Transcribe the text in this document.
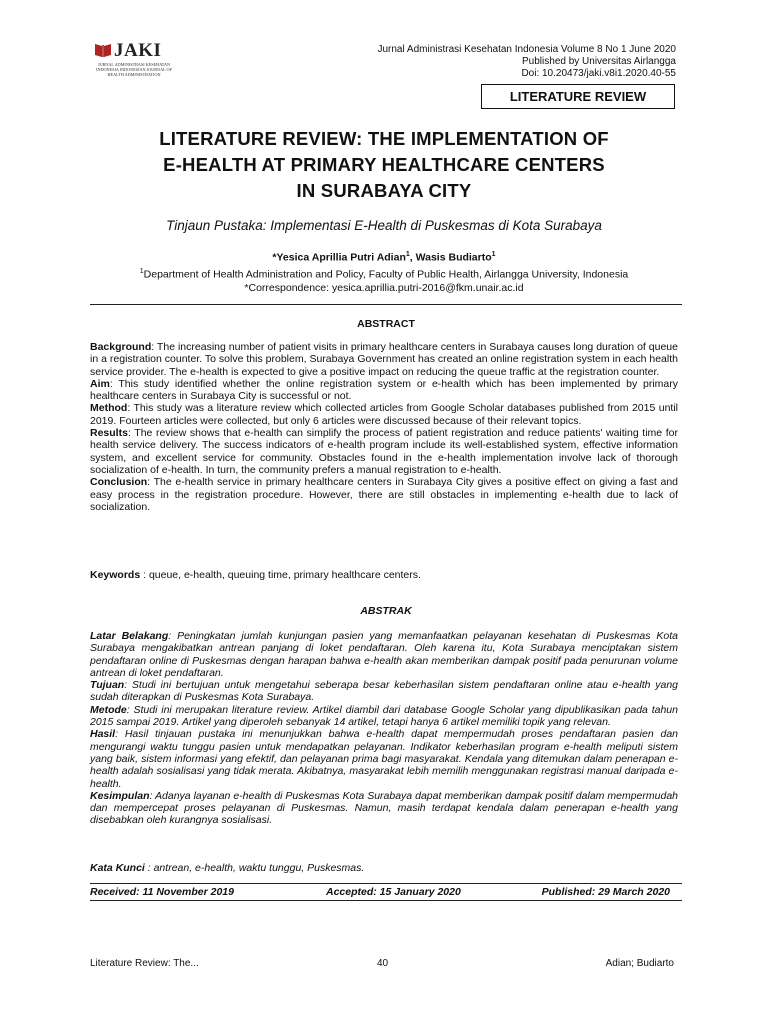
JAKI
JURNAL ADMINISTRASI KESEHATAN INDONESIA INDONESIAN JOURNAL OF HEALTH ADMINISTRATION
Jurnal Administrasi Kesehatan Indonesia Volume 8 No 1 June 2020
Published by Universitas Airlangga
Doi: 10.20473/jaki.v8i1.2020.40-55
LITERATURE REVIEW
LITERATURE REVIEW: THE IMPLEMENTATION OF
E-HEALTH AT PRIMARY HEALTHCARE CENTERS
IN SURABAYA CITY
Tinjaun Pustaka: Implementasi E-Health di Puskesmas di Kota Surabaya
*Yesica Aprillia Putri Adian$^1$, Wasis Budiarto$^1$
$^1$Department of Health Administration and Policy, Faculty of Public Health, Airlangga University, Indonesia
*Correspondence: yesica.aprillia.putri-2016@fkm.unair.ac.id
ABSTRACT

Background: The increasing number of patient visits in primary healthcare centers in Surabaya causes long duration of queue in a registration counter. To solve this problem, Surabaya Government has created an online registration system in each health service provider. The e-health is expected to give a positive impact on reducing the queue traffic at the registration counter.

Aim: This study identified whether the online registration system or e-health which has been implemented by primary healthcare centers in Surabaya City is successful or not.

Method: This study was a literature review which collected articles from Google Scholar databases published from 2015 until 2019. Fourteen articles were collected, but only 6 articles were discussed because of their relevant topics.

Results: The review shows that e-health can simplify the process of patient registration and reduce patients' waiting time for health service delivery. The success indicators of e-health program include its well-established system, effective information system, and excellent service for community. Obstacles found in the e-health implementation involve lack of thorough socialization of e-health. In turn, the community prefers a manual registration to e-health.

Conclusion: The e-health service in primary healthcare centers in Surabaya City gives a positive effect on giving a fast and easy process in the registration procedure. However, there are still obstacles in implementing e-health due to lack of socialization.

Keywords : queue, e-health, queuing time, primary healthcare centers.
ABSTRAK

Latar Belakang: Peningkatan jumlah kunjungan pasien yang memanfaatkan pelayanan kesehatan di Puskesmas Kota Surabaya mengakibatkan antrean panjang di loket pendaftaran. Oleh karena itu, Kota Surabaya menciptakan sistem pendaftaran online di Puskesmas dengan harapan bahwa e-health akan memberikan dampak positif pada penurunan volume antrean di loket pendaftaran.

Tujuan: Studi ini bertujuan untuk mengetahui seberapa besar keberhasilan sistem pendaftaran online atau e-health yang sudah diterapkan di Puskesmas Kota Surabaya.

Metode: Studi ini merupakan literature review. Artikel diambil dari database Google Scholar yang dipublikasikan pada tahun 2015 sampai 2019. Artikel yang diperoleh sebanyak 14 artikel, tetapi hanya 6 artikel memiliki topik yang relevan.

Hasil: Hasil tinjauan pustaka ini menunjukkan bahwa e-health dapat mempermudah proses pendaftaran pasien dan mengurangi waktu tunggu pasien untuk mendapatkan pelayanan. Indikator keberhasilan program e-health meliputi sistem yang baik, sistem informasi yang efektif, dan pelayanan prima bagi masyarakat. Kendala yang ditemukan dalam penerapan e-health adalah sosialisasi yang tidak merata. Akibatnya, masyarakat lebih memilih menggunakan registrasi manual daripada e-health.

Kesimpulan: Adanya layanan e-health di Puskesmas Kota Surabaya dapat memberikan dampak positif dalam mempermudah dan mempercepat proses pelayanan di Puskesmas. Namun, masih terdapat kendala dalam penerapan e-health yang disebabkan oleh kurangnya sosialisasi.

Kata Kunci : antrean, e-health, waktu tunggu, Puskesmas.
Received: 11 November 2019	Accepted: 15 January 2020	Published: 29 March 2020
Literature Review: The...	40	Adian; Budiarto
